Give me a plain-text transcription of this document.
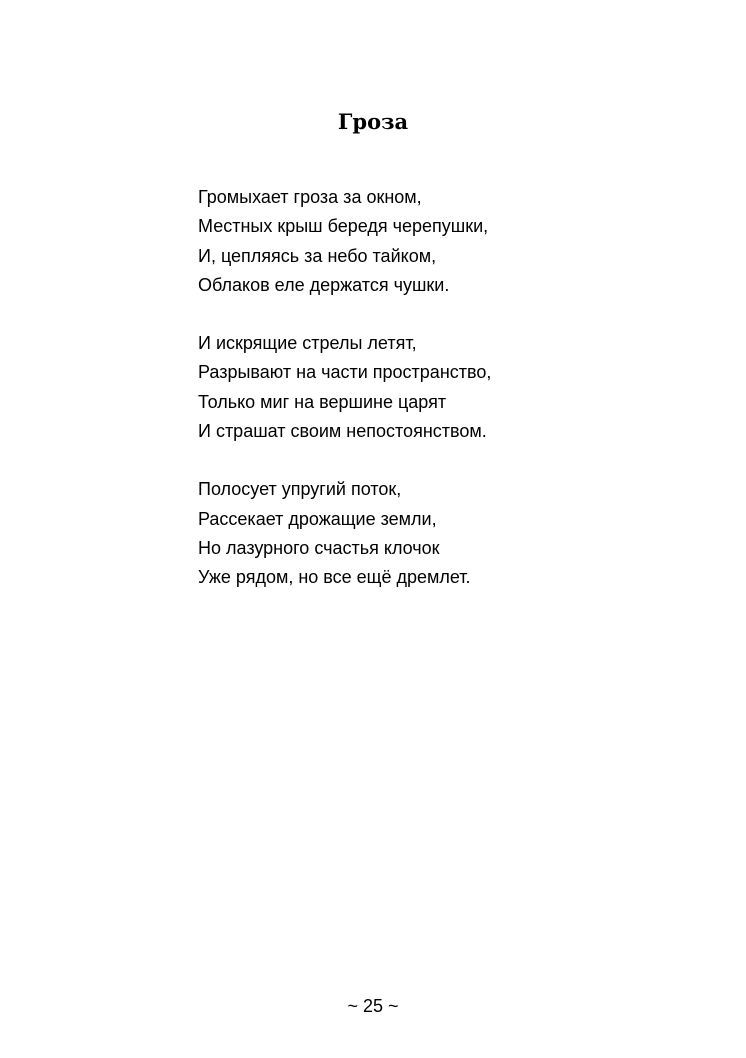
Гроза
Громыхает гроза за окном,
Местных крыш бередя черепушки,
И, цепляясь за небо тайком,
Облаков еле держатся чушки.
И искрящие стрелы летят,
Разрывают на части пространство,
Только миг на вершине царят
И страшат своим непостоянством.
Полосует упругий поток,
Рассекает дрожащие земли,
Но лазурного счастья клочок
Уже рядом, но все ещё дремлет.
~ 25 ~
